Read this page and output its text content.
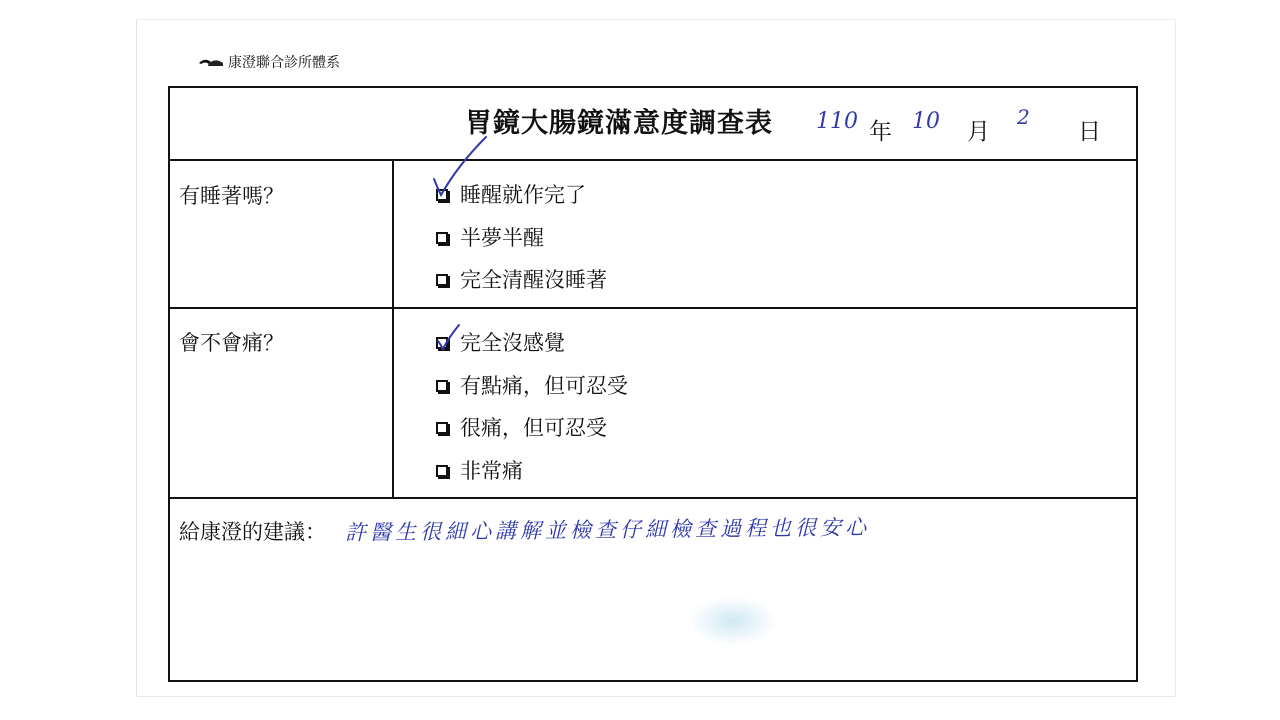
康澄聯合診所體系
胃鏡大腸鏡滿意度調查表 110 年 10 月
2
日
有睡著嗎？	睡醒就作完了
半夢半醒
完全清醒沒睡著
會不會痛？	完全沒感覺
有點痛，但可忍受
很痛，但可忍受
非常痛
給康澄的建議： 許醫生很細心講解並檢查仔細檢查過程也很安心
